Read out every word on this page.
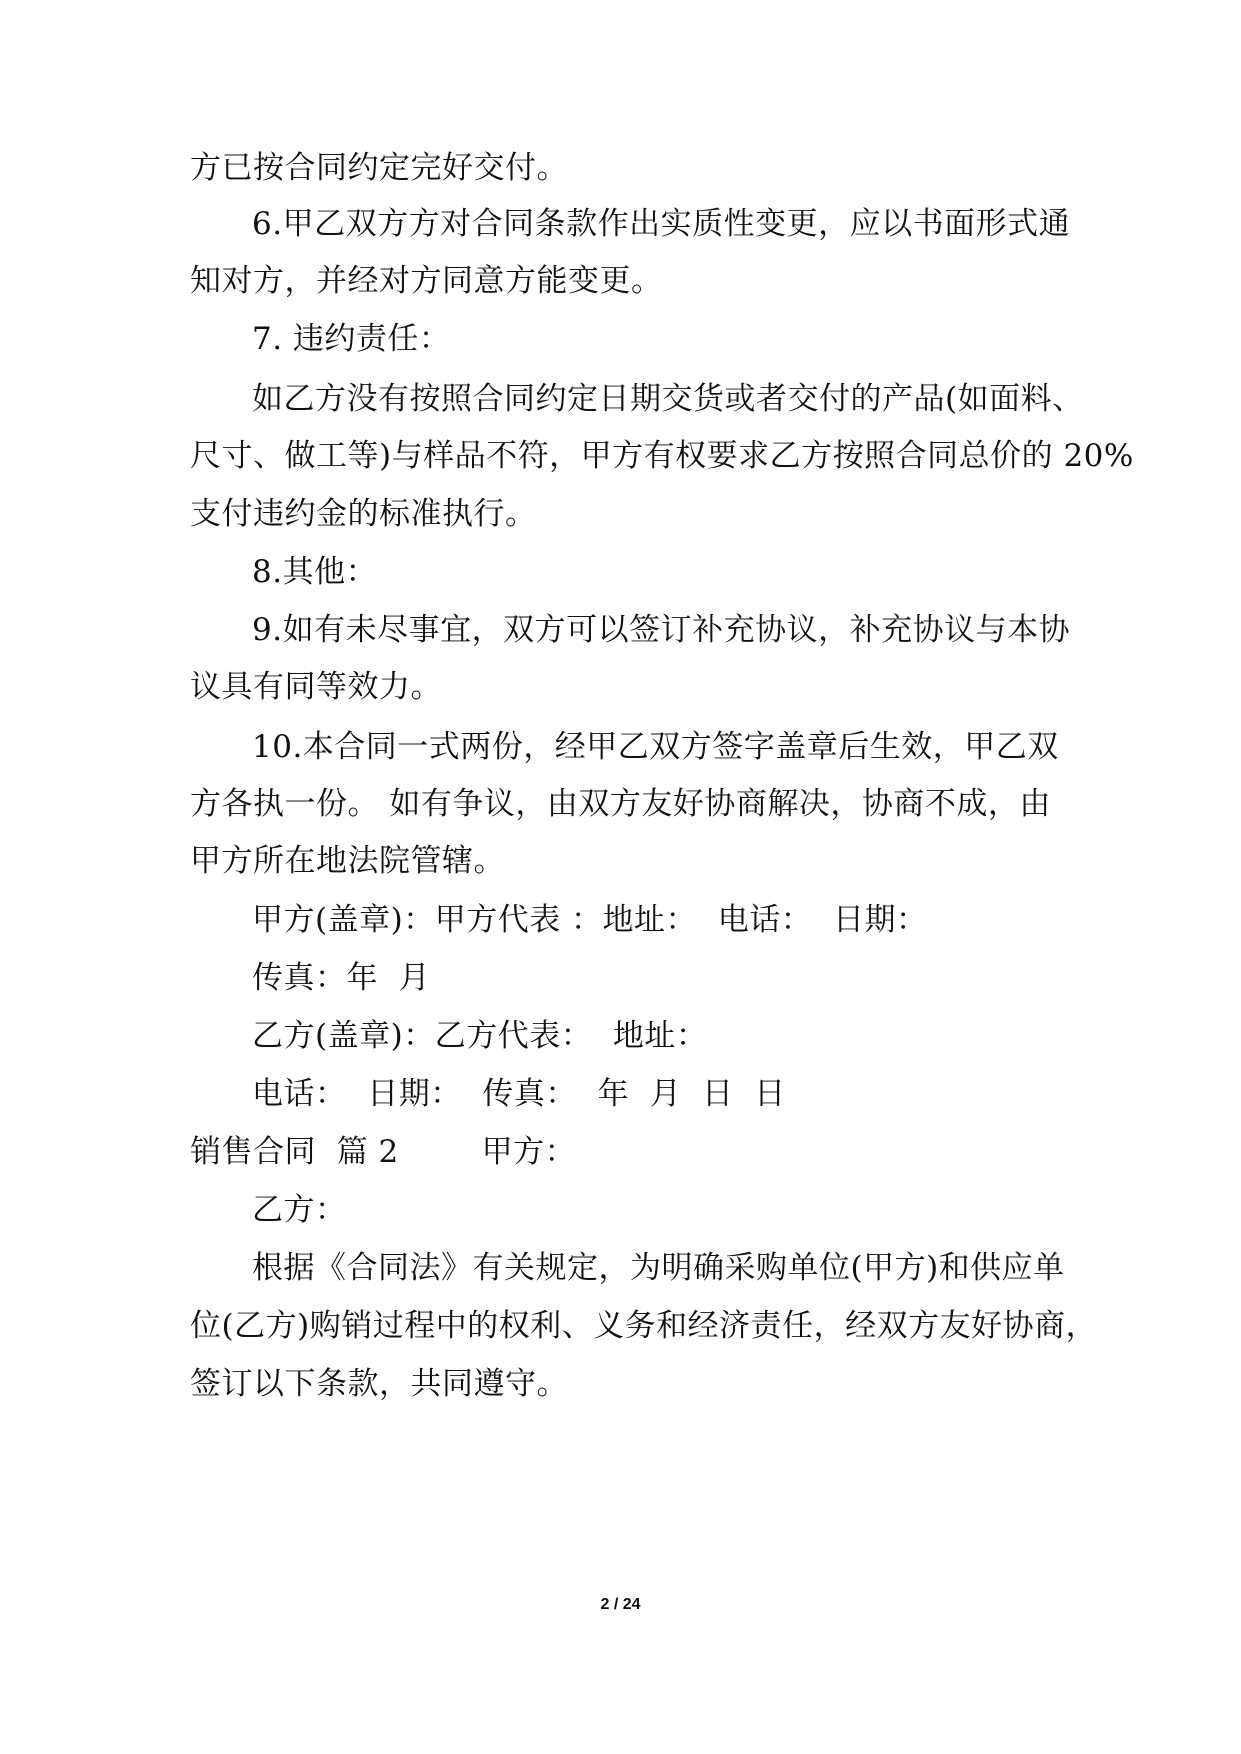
方已按合同约定完好交付。
6.甲乙双方方对合同条款作出实质性变更，应以书面形式通
知对方，并经对方同意方能变更。
7. 违约责任：
如乙方没有按照合同约定日期交货或者交付的产品(如面料、
尺寸、做工等)与样品不符，甲方有权要求乙方按照合同总价的 20%
支付违约金的标准执行。
8.其他：
9.如有未尽事宜，双方可以签订补充协议，补充协议与本协
议具有同等效力。
10.本合同一式两份，经甲乙双方签字盖章后生效，甲乙双
方各执一份。 如有争议，由双方友好协商解决，协商不成，由
甲方所在地法院管辖。
甲方(盖章)：甲方代表 ：地址：  电话：  日期：
传真：年  月
乙方(盖章)：乙方代表：  地址：
电话：  日期：  传真：  年  月  日  日
销售合同  篇 2        甲方：
乙方：
根据《合同法》有关规定，为明确采购单位(甲方)和供应单
位(乙方)购销过程中的权利、义务和经济责任，经双方友好协商，
签订以下条款，共同遵守。
2 / 24
